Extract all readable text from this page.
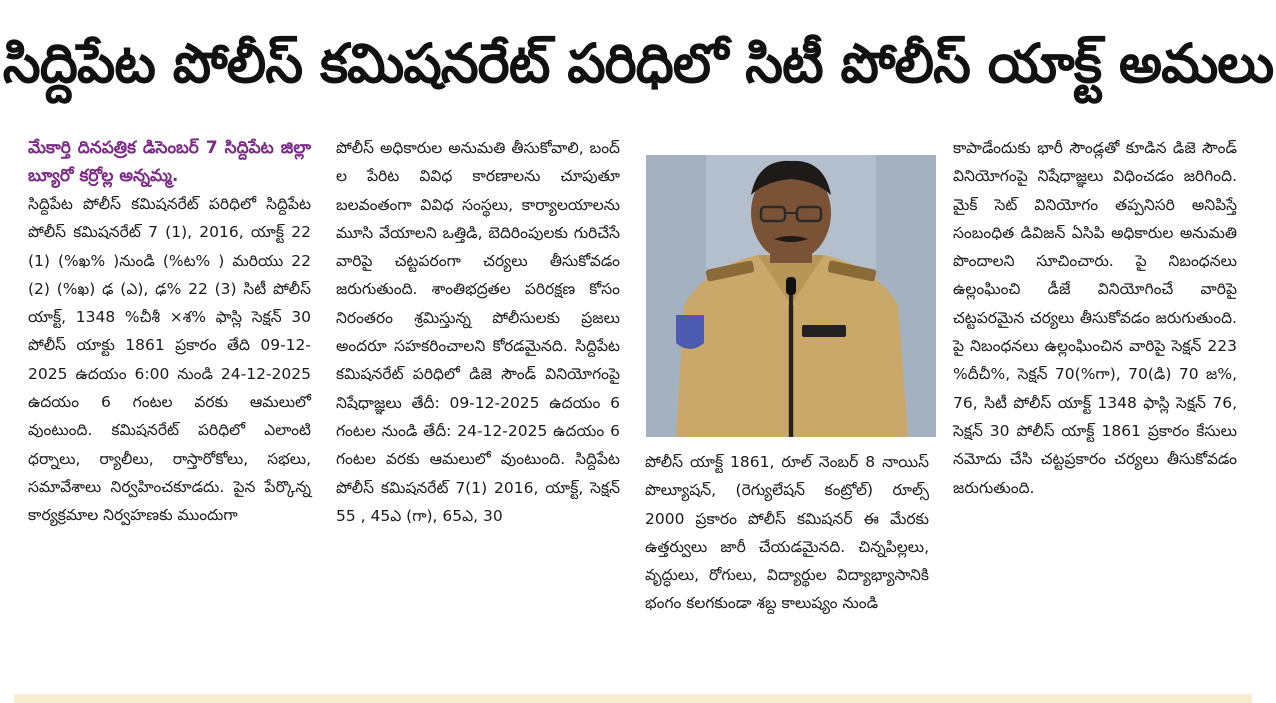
సిద్దిపేట పోలీస్ కమిషనరేట్ పరిధిలో సిటీ పోలీస్ యాక్ట్ అమలు
మేకార్తి దినపత్రిక డిసెంబర్ 7 సిద్దిపేట జిల్లా బ్యూరో కర్రోల్ల అన్నమ్మ.

సిద్దిపేట పోలీస్ కమిషనరేట్ పరిధిలో సిద్దిపేట పోలీస్ కమిషనరేట్ 7 (1), 2016, యాక్ట్ 22 (1) (%ఖ% )నుండి (%ట% ) మరియు 22 (2) (%ఖ) ఢ (ఎ), ఢ% 22 (3) సిటీ పోలీస్ యాక్ట్, 1348 %చీశీ ×శ% ఫాస్లి సెక్షన్ 30 పోలీస్ యాక్టు 1861 ప్రకారం తేది 09-12-2025 ఉదయం 6:00 నుండి 24-12-2025 ఉదయం 6 గంటల వరకు ఆమలులో వుంటుంది. కమిషనరేట్ పరిధిలో ఎలాంటి ధర్నాలు, ర్యాలీలు, రాస్తారోకోలు, సభలు, సమావేశాలు నిర్వహించకూడదు. పైన పేర్కొన్న కార్యక్రమాల నిర్వహణకు ముందుగా

పోలీస్ అధికారుల అనుమతి తీసుకోవాలి, బంద్ ల పేరిట వివిధ కారణాలను చూపుతూ బలవంతంగా వివిధ సంస్థలు, కార్యాలయాలను మూసి వేయాలని ఒత్తిడి, బెదిరింపులకు గురిచేసే వారిపై చట్టపరంగా చర్యలు తీసుకోవడం జరుగుతుంది. శాంతిభద్రతల పరిరక్షణ కోసం నిరంతరం శ్రమిస్తున్న పోలీసులకు ప్రజలు అందరూ సహకరించాలని కోరడమైనది. సిద్దిపేట కమిషనరేట్ పరిధిలో డిజె సౌండ్ వినియోగంపై నిషేధాజ్ఞలు తేదీ: 09-12-2025 ఉదయం 6 గంటల నుండి తేదీ: 24-12-2025 ఉదయం 6 గంటల వరకు ఆమలులో వుంటుంది. సిద్దిపేట పోలీస్ కమిషనరేట్ 7(1) 2016, యాక్ట్, సెక్షన్ 55 , 45ఎ (గా), 65ఎ, 30

పోలీస్ యాక్ట్ 1861, రూల్ నెంబర్ 8 నాయిస్ పొల్యూషన్, (రెగ్యులేషన్ కంట్రోల్) రూల్స్ 2000 ప్రకారం పోలీస్ కమిషనర్ ఈ మేరకు ఉత్తర్వులు జారీ చేయడమైనది. చిన్నపిల్లలు, వృద్ధులు, రోగులు, విద్యార్థుల విద్యాభ్యాసానికి భంగం కలగకుండా శబ్ద కాలుష్యం నుండి

కాపాడేందుకు భారీ సౌండ్లతో కూడిన డిజె సౌండ్ వినియోగంపై నిషేధాజ్ఞలు విధించడం జరిగింది. మైక్ సెట్ వినియోగం తప్పనిసరి అనిపిస్తే సంబంధిత డివిజన్ ఏసిపి అధికారుల అనుమతి పొందాలని సూచించారు. పై నిబంధనలు ఉల్లంఘించి డీజే వినియోగించే వారిపై చట్టపరమైన చర్యలు తీసుకోవడం జరుగుతుంది. పై నిబంధనలు ఉల్లంఘించిన వారిపై సెక్షన్ 223 %దీచీ%, సెక్షన్ 70(%గా), 70(డి) 70 జ%, 76, సిటీ పోలీస్ యాక్ట్ 1348 ఫాస్లి సెక్షన్ 76, సెక్షన్ 30 పోలీస్ యాక్ట్ 1861 ప్రకారం కేసులు నమోదు చేసి చట్టప్రకారం చర్యలు తీసుకోవడం జరుగుతుంది.
